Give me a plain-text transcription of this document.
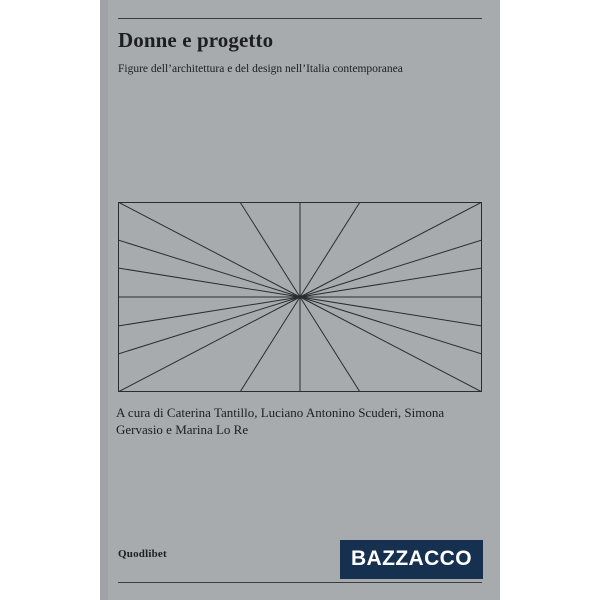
Donne e progetto
Figure dell’architettura e del design nell’Italia contemporanea
A cura di Caterina Tantillo, Luciano Antonino Scuderi, Simona Gervasio e Marina Lo Re
Quodlibet	BAZZACCO
